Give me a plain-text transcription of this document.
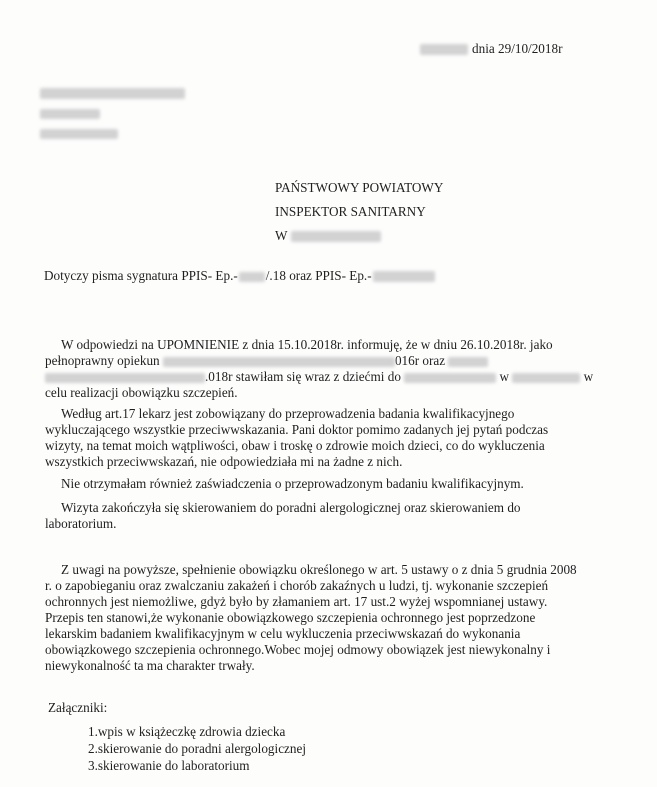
dnia 29/10/2018r
PAŃSTWOWY POWIATOWY
INSPEKTOR SANITARNY
W
Dotyczy pisma sygnatura PPIS- Ep.- /.18 oraz PPIS- Ep.-
W odpowiedzi na UPOMNIENIE z dnia 15.10.2018r. informuję, że w dniu 26.10.2018r. jako
pełnoprawny opiekun	016r oraz
.018r stawiłam się wraz z dziećmi do	w	w
celu realizacji obowiązku szczepień.
Według art.17 lekarz jest zobowiązany do przeprowadzenia badania kwalifikacyjnego
wykluczającego wszystkie przeciwwskazania. Pani doktor pomimo zadanych jej pytań podczas
wizyty, na temat moich wątpliwości, obaw i troskę o zdrowie moich dzieci, co do wykluczenia
wszystkich przeciwwskazań, nie odpowiedziała mi na żadne z nich.
Nie otrzymałam również zaświadczenia o przeprowadzonym badaniu kwalifikacyjnym.
Wizyta zakończyła się skierowaniem do poradni alergologicznej oraz skierowaniem do
laboratorium.
Z uwagi na powyższe, spełnienie obowiązku określonego w art. 5 ustawy o z dnia 5 grudnia 2008
r. o zapobieganiu oraz zwalczaniu zakażeń i chorób zakaźnych u ludzi, tj. wykonanie szczepień
ochronnych jest niemożliwe, gdyż było by złamaniem art. 17 ust.2 wyżej wspomnianej ustawy.
Przepis ten stanowi,że wykonanie obowiązkowego szczepienia ochronnego jest poprzedzone
lekarskim badaniem kwalifikacyjnym w celu wykluczenia przeciwwskazań do wykonania
obowiązkowego szczepienia ochronnego.Wobec mojej odmowy obowiązek jest niewykonalny i
niewykonalność ta ma charakter trwały.
Załączniki:
1.wpis w książeczkę zdrowia dziecka
2.skierowanie do poradni alergologicznej
3.skierowanie do laboratorium
